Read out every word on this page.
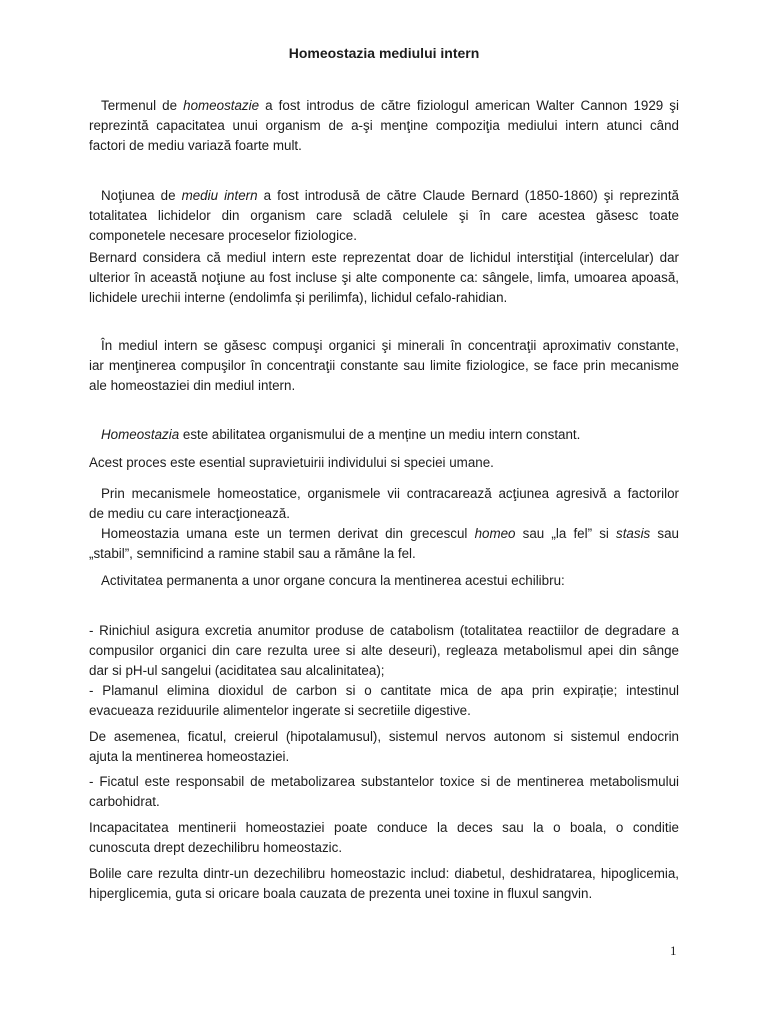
Homeostazia mediului intern

Termenul de homeostazie a fost introdus de către fiziologul american Walter Cannon 1929 şi
reprezintă capacitatea unui organism de a-şi menţine compoziţia mediului intern atunci când
factori de mediu variază foarte mult.

Noţiunea de mediu intern a fost introdusă de către Claude Bernard (1850-1860) şi reprezintă
totalitatea lichidelor din organism care scladă celulele şi în care acestea găsesc toate
componetele necesare proceselor fiziologice.

Bernard considera că mediul intern este reprezentat doar de lichidul interstiţial (intercelular) dar
ulterior în această noţiune au fost incluse şi alte componente ca: sângele, limfa, umoarea apoasă,
lichidele urechii interne (endolimfa și perilimfa), lichidul cefalo-rahidian.

În mediul intern se găsesc compuşi organici şi minerali în concentraţii aproximativ constante,
iar menţinerea compuşilor în concentraţii constante sau limite fiziologice, se face prin mecanisme
ale homeostaziei din mediul intern.

Homeostazia este abilitatea organismului de a menține un mediu intern constant.

Acest proces este esential supravietuirii individului si speciei umane.

Prin mecanismele homeostatice, organismele vii contracarează acţiunea agresivă a factorilor
de mediu cu care interacţionează.

Homeostazia umana este un termen derivat din grecescul homeo sau „la fel” si stasis sau
„stabil”, semnificind a ramine stabil sau a rămâne la fel.

Activitatea permanenta a unor organe concura la mentinerea acestui echilibru:

- Rinichiul asigura excretia anumitor produse de catabolism (totalitatea reactiilor de degradare a
compusilor organici din care rezulta uree si alte deseuri), regleaza metabolismul apei din sânge
dar si pH-ul sangelui (aciditatea sau alcalinitatea);

- Plamanul elimina dioxidul de carbon si o cantitate mica de apa prin expirație; intestinul
evacueaza reziduurile alimentelor ingerate si secretiile digestive.

De asemenea, ficatul, creierul (hipotalamusul), sistemul nervos autonom si sistemul endocrin
ajuta la mentinerea homeostaziei.

- Ficatul este responsabil de metabolizarea substantelor toxice si de mentinerea metabolismului
carbohidrat.

Incapacitatea mentinerii homeostaziei poate conduce la deces sau la o boala, o conditie
cunoscuta drept dezechilibru homeostazic.

Bolile care rezulta dintr-un dezechilibru homeostazic includ: diabetul, deshidratarea, hipoglicemia,
hiperglicemia, guta si oricare boala cauzata de prezenta unei toxine in fluxul sangvin.

1
